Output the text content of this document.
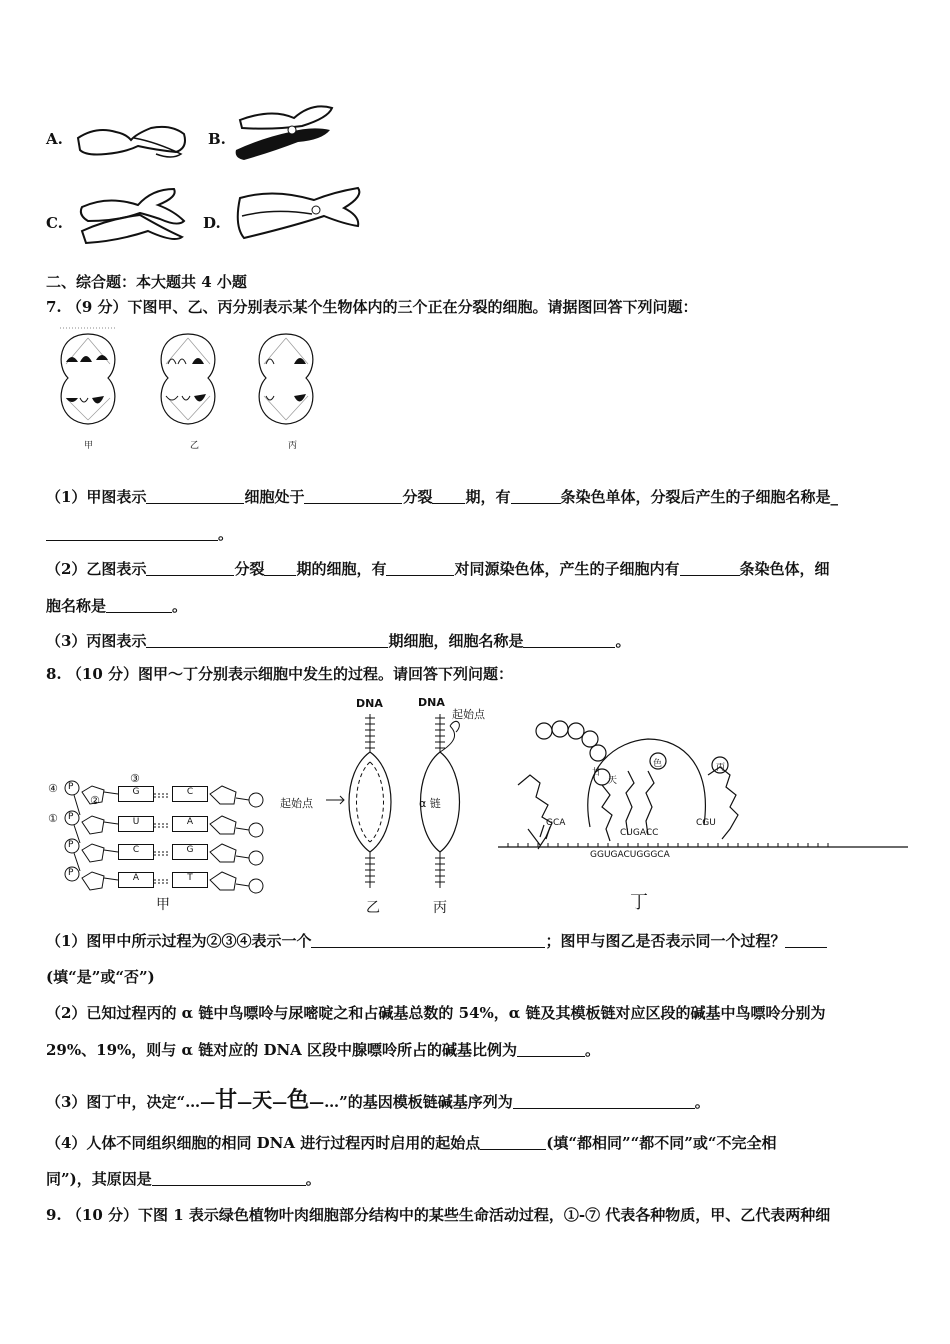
A.	B.
C.	D.
二、综合题：本大题共 4 小题
7. （9 分）下图甲、乙、丙分别表示某个生物体内的三个正在分裂的细胞。请据图回答下列问题：
甲	乙	丙
（1）甲图表示	细胞处于	分裂 期，有	条染色单体，分裂后产生的子细胞名称是_
。
（2）乙图表示	分裂 期的细胞，有	对同源染色体，产生的子细胞内有	条染色体，细
胞名称是	。
（3）丙图表示	期细胞，细胞名称是	。
8. （10 分）图甲～丁分别表示细胞中发生的过程。请回答下列问题：
④
①
②
③
P
P
P
P
G
U
C
A
C
A
G
T
甲
DNA
起始点
乙
DNA
起始点
α 链
丙
甘
天
色	丙
GCA
CUGACC
CGU
GGUGACUGGGCA
丁
（1）图甲中所示过程为②③④表示一个	；图甲与图乙是否表示同一个过程？
(填“是”或“否”)
（2）已知过程丙的 α 链中鸟嘌呤与尿嘧啶之和占碱基总数的 54%，α 链及其模板链对应区段的碱基中鸟嘌呤分别为
29%、19%，则与 α 链对应的 DNA 区段中腺嘌呤所占的碱基比例为	。
（3）图丁中，决定“…—甘—天—色—…”的基因模板链碱基序列为	。
（4）人体不同组织细胞的相同 DNA 进行过程丙时启用的起始点	(填“都相同”“都不同”或“不完全相
同”)，其原因是	。
9. （10 分）下图 1 表示绿色植物叶肉细胞部分结构中的某些生命活动过程，①-⑦ 代表各种物质，甲、乙代表两种细
